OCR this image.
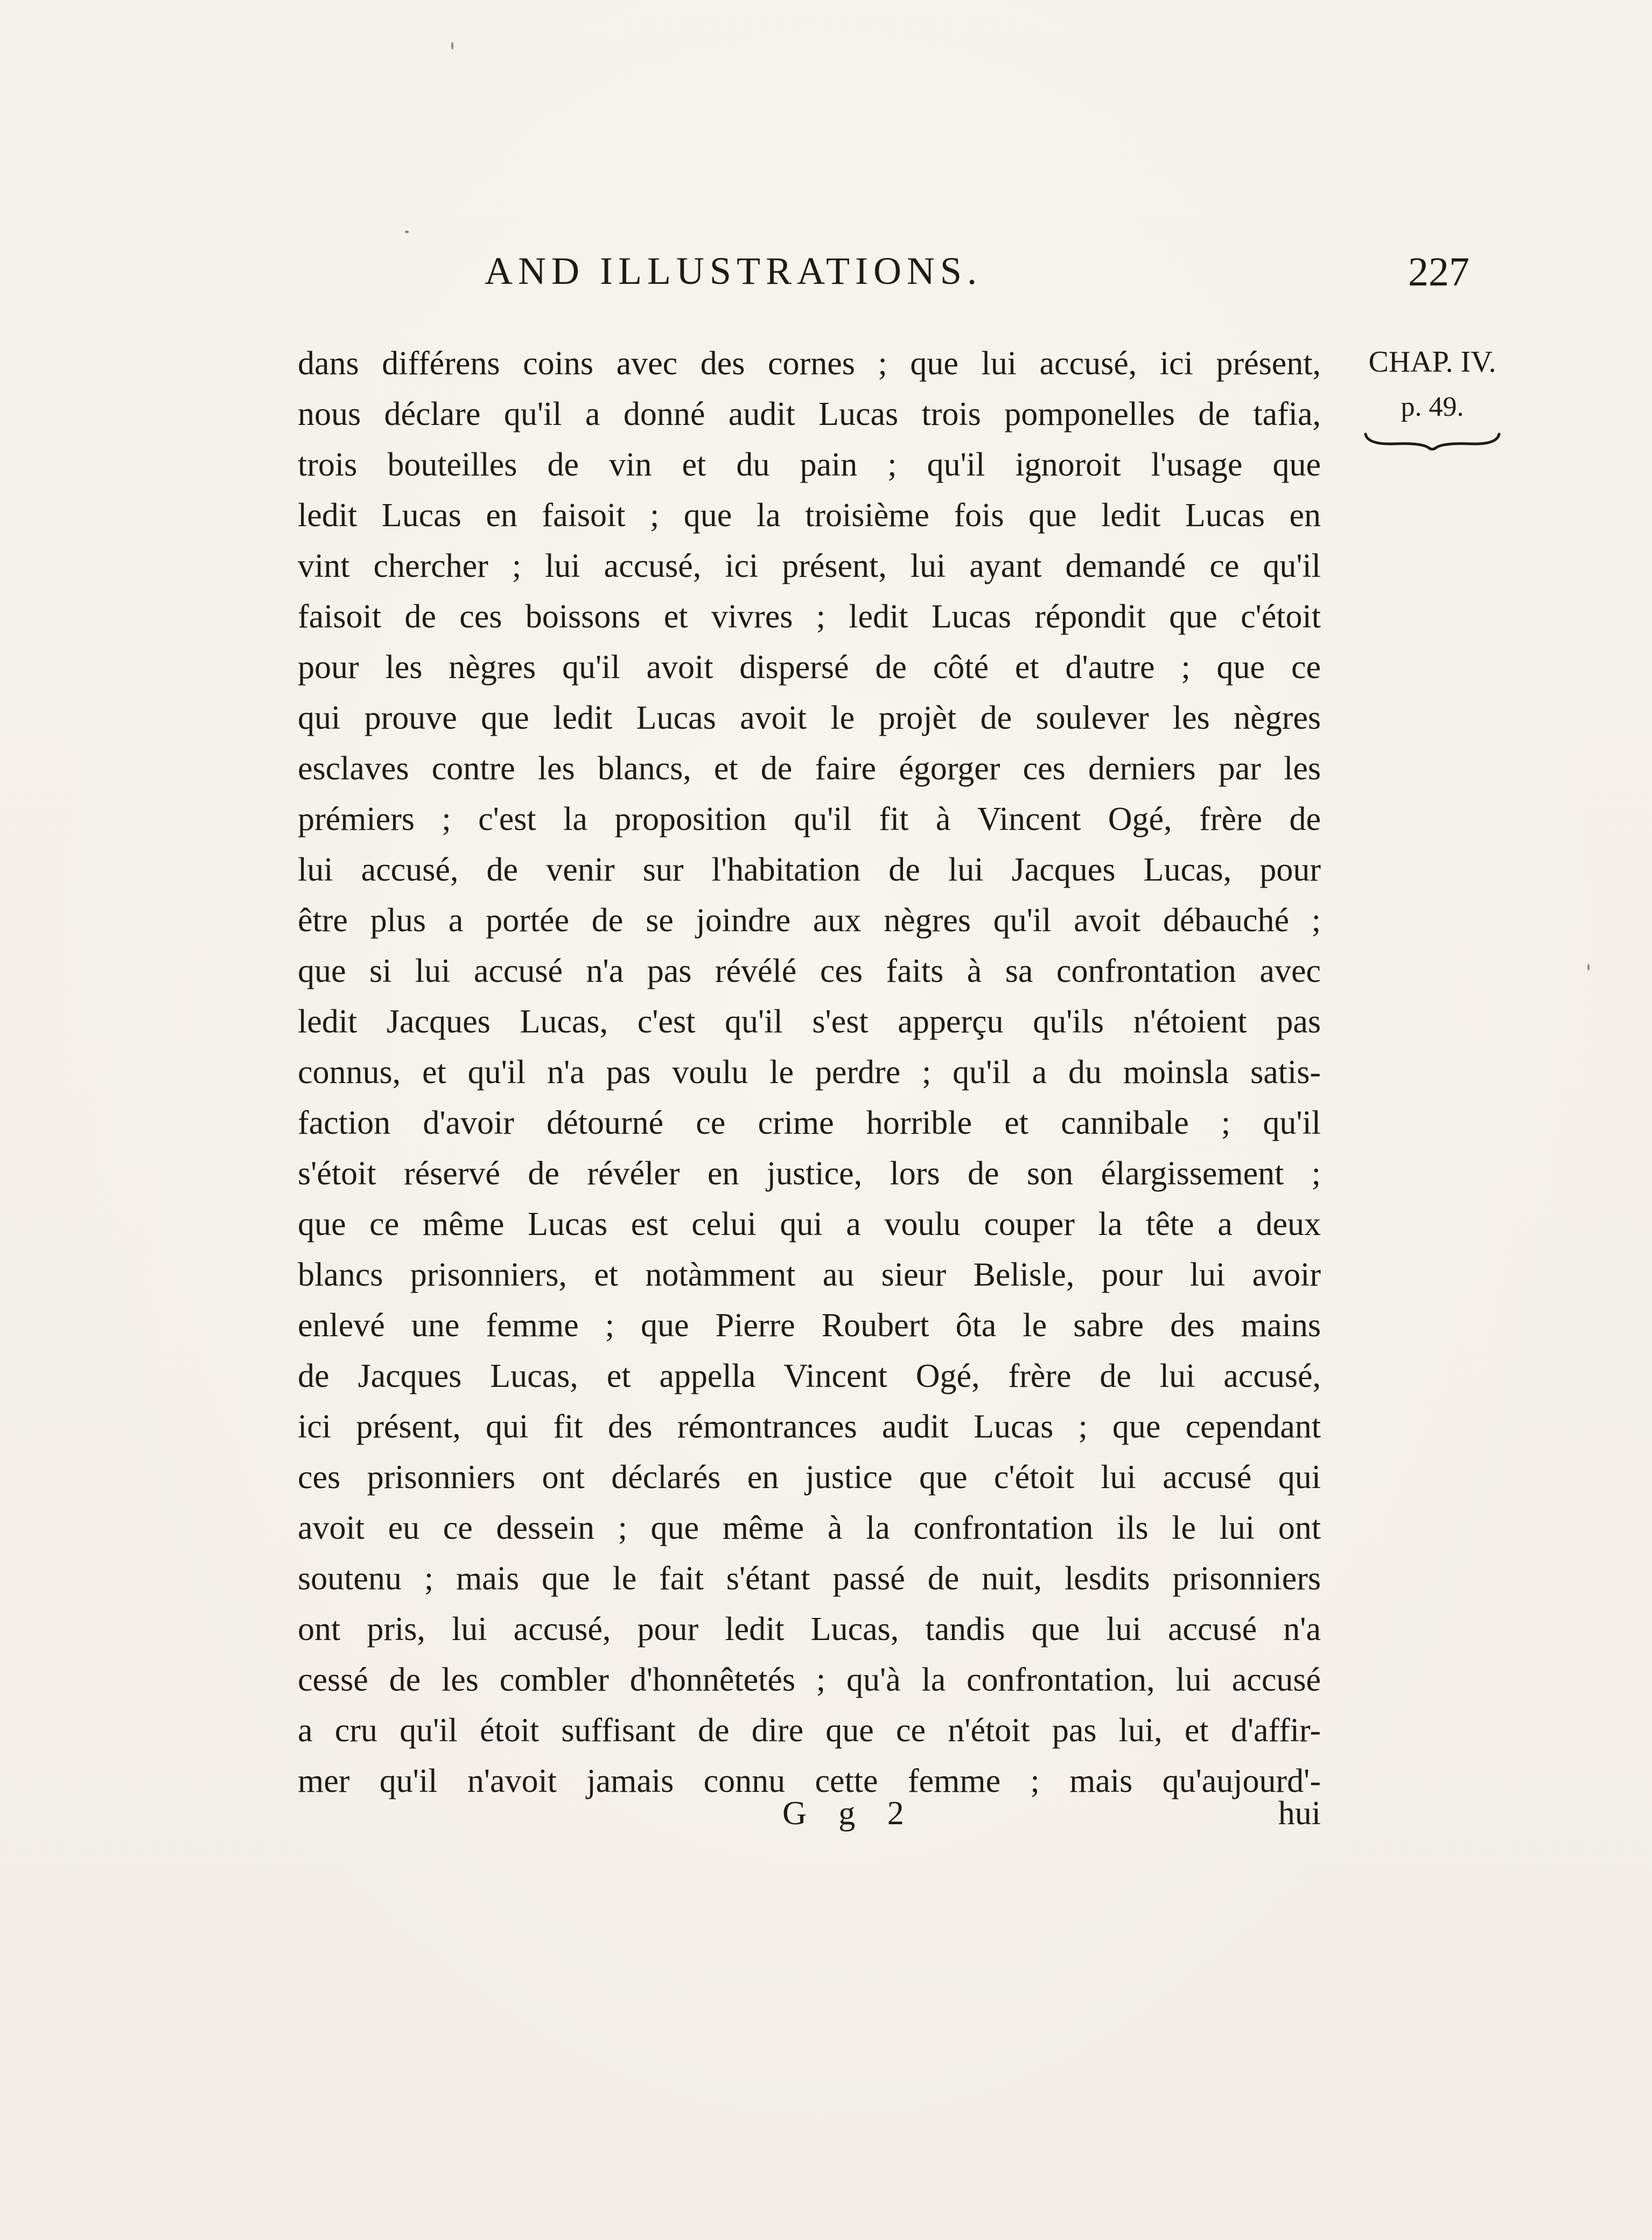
AND ILLUSTRATIONS.	227
CHAP. IV.
p. 49.
dans différens coins avec des cornes ; que lui accusé, ici présent,
nous déclare qu'il a donné audit Lucas trois pomponelles de tafia,
trois bouteilles de vin et du pain ; qu'il ignoroit l'usage que
ledit Lucas en faisoit ; que la troisième fois que ledit Lucas en
vint chercher ; lui accusé, ici présent, lui ayant demandé ce qu'il
faisoit de ces boissons et vivres ; ledit Lucas répondit que c'étoit
pour les nègres qu'il avoit dispersé de côté et d'autre ; que ce
qui prouve que ledit Lucas avoit le projèt de soulever les nègres
esclaves contre les blancs, et de faire égorger ces derniers par les
prémiers ; c'est la proposition qu'il fit à Vincent Ogé, frère de
lui accusé, de venir sur l'habitation de lui Jacques Lucas, pour
être plus a portée de se joindre aux nègres qu'il avoit débauché ;
que si lui accusé n'a pas révélé ces faits à sa confrontation avec
ledit Jacques Lucas, c'est qu'il s'est apperçu qu'ils n'étoient pas
connus, et qu'il n'a pas voulu le perdre ; qu'il a du moinsla satis-
faction d'avoir détourné ce crime horrible et cannibale ; qu'il
s'étoit réservé de révéler en justice, lors de son élargissement ;
que ce même Lucas est celui qui a voulu couper la tête a deux
blancs prisonniers, et notàmment au sieur Belisle, pour lui avoir
enlevé une femme ; que Pierre Roubert ôta le sabre des mains
de Jacques Lucas, et appella Vincent Ogé, frère de lui accusé,
ici présent, qui fit des rémontrances audit Lucas ; que cependant
ces prisonniers ont déclarés en justice que c'étoit lui accusé qui
avoit eu ce dessein ; que même à la confrontation ils le lui ont
soutenu ; mais que le fait s'étant passé de nuit, lesdits prisonniers
ont pris, lui accusé, pour ledit Lucas, tandis que lui accusé n'a
cessé de les combler d'honnêtetés ; qu'à la confrontation, lui accusé
a cru qu'il étoit suffisant de dire que ce n'étoit pas lui, et d'affir-
mer qu'il n'avoit jamais connu cette femme ; mais qu'aujourd'-
G g 2	hui
